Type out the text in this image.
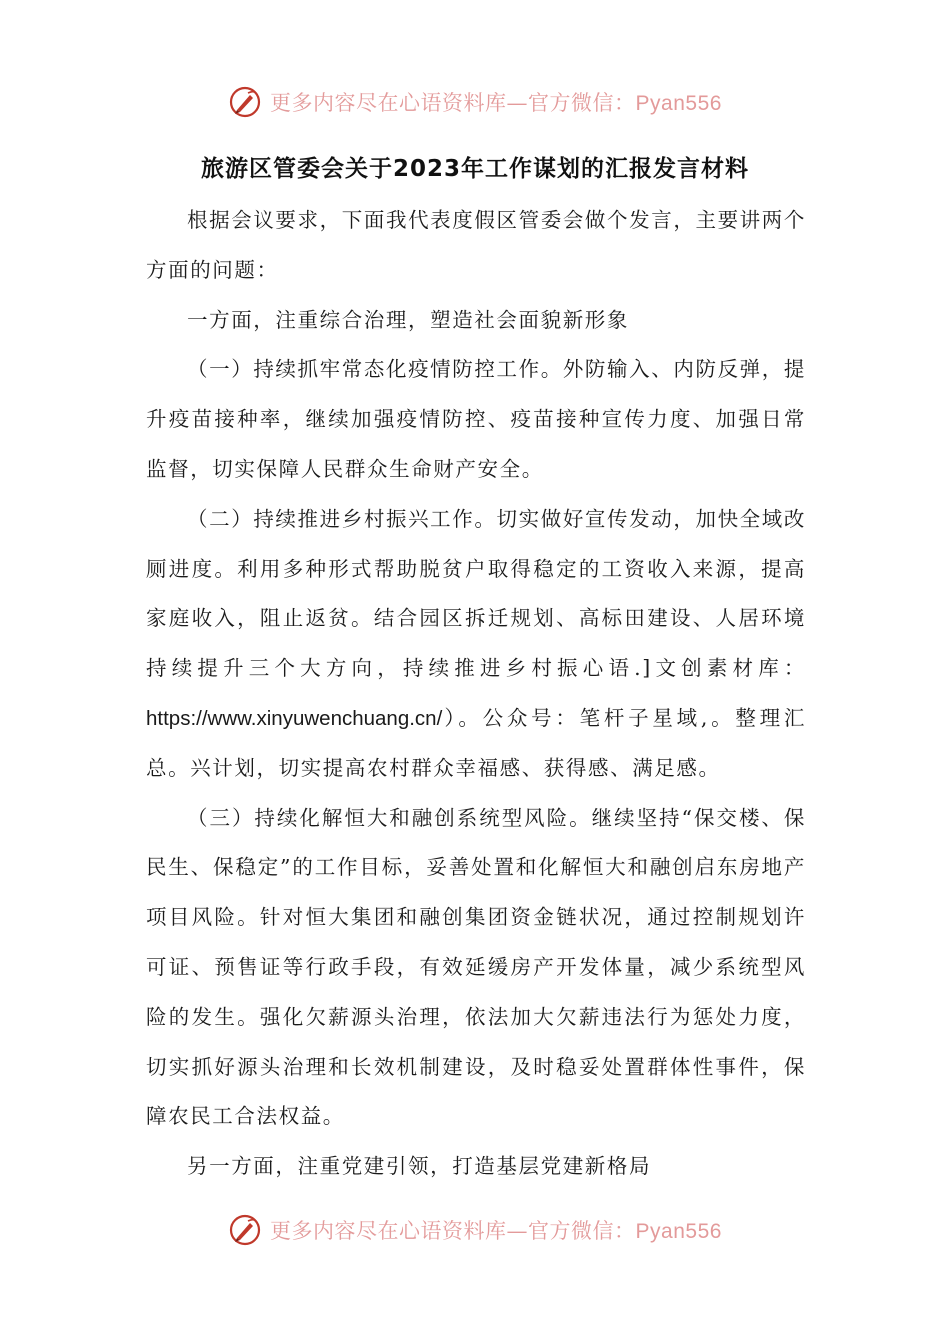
更多内容尽在心语资料库—官方微信：Pyan556
旅游区管委会关于2023年工作谋划的汇报发言材料

根据会议要求，下面我代表度假区管委会做个发言，主要讲两个方面的问题：

一方面，注重综合治理，塑造社会面貌新形象

（一）持续抓牢常态化疫情防控工作。外防输入、内防反弹，提升疫苗接种率，继续加强疫情防控、疫苗接种宣传力度、加强日常监督，切实保障人民群众生命财产安全。

（二）持续推进乡村振兴工作。切实做好宣传发动，加快全域改厕进度。利用多种形式帮助脱贫户取得稳定的工资收入来源，提高家庭收入，阻止返贫。结合园区拆迁规划、高标田建设、人居环境持续提升三个大方向，持续推进乡村振心语.]文创素材库：https://www.xinyuwenchuang.cn/）。公众号：笔杆子星域,。整理汇总。兴计划，切实提高农村群众幸福感、获得感、满足感。

（三）持续化解恒大和融创系统型风险。继续坚持“保交楼、保民生、保稳定”的工作目标，妥善处置和化解恒大和融创启东房地产项目风险。针对恒大集团和融创集团资金链状况，通过控制规划许可证、预售证等行政手段，有效延缓房产开发体量，减少系统型风险的发生。强化欠薪源头治理，依法加大欠薪违法行为惩处力度，切实抓好源头治理和长效机制建设，及时稳妥处置群体性事件，保障农民工合法权益。

另一方面，注重党建引领，打造基层党建新格局

更多内容尽在心语资料库—官方微信：Pyan556
